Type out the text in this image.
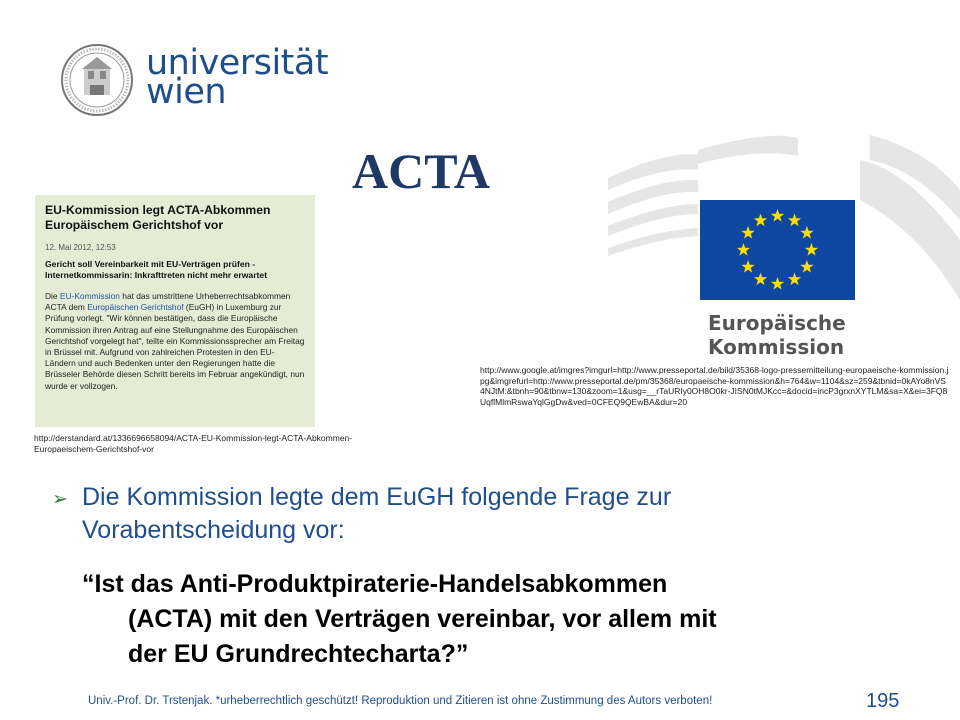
universität
wien
ACTA
EU-Kommission legt ACTA-Abkommen Europäischem Gerichtshof vor
12. Mai 2012, 12:53
Gericht soll Vereinbarkeit mit EU-Verträgen prüfen - Internetkommissarin: Inkrafttreten nicht mehr erwartet
Die EU-Kommission hat das umstrittene Urheberrechtsabkommen ACTA dem Europäischen Gerichtshof (EuGH) in Luxemburg zur Prüfung vorlegt. "Wir können bestätigen, dass die Europäische Kommission ihren Antrag auf eine Stellungnahme des Europäischen Gerichtshof vorgelegt hat", teilte ein Kommissionssprecher am Freitag in Brüssel mit. Aufgrund von zahlreichen Protesten in den EU-Ländern und auch Bedenken unter den Regierungen hatte die Brüsseler Behörde diesen Schritt bereits im Februar angekündigt, nun wurde er vollzogen.
http://derstandard.at/1336696658094/ACTA-EU-Kommission-legt-ACTA-Abkommen-Europaeischem-Gerichtshof-vor
Europäische
Kommission
http://www.google.at/imgres?imgurl=http://www.presseportal.de/bild/35368-logo-pressemitteilung-europaeische-kommission.jpg&imgrefurl=http://www.presseportal.de/pm/35368/europaeische-kommission&h=764&w=1104&sz=259&tbnid=0kAYo8nVS4NJtM:&tbnh=90&tbnw=130&zoom=1&usg=__rTaURIy0OH8O0kr-JISN0tMJKcc=&docid=incP3grxnXYTLM&sa=X&ei=3FQ8UqflMlmRswaYqlGgDw&ved=0CFEQ9QEwBA&dur=20
➢ Die Kommission legte dem EuGH folgende Frage zur Vorabentscheidung vor:
“Ist das Anti-Produktpiraterie-Handelsabkommen
(ACTA) mit den Verträgen vereinbar, vor allem mit
der EU Grundrechtecharta?”
Univ.-Prof. Dr. Trstenjak. *urheberrechtlich geschützt! Reproduktion und Zitieren ist ohne Zustimmung des Autors verboten!	195
